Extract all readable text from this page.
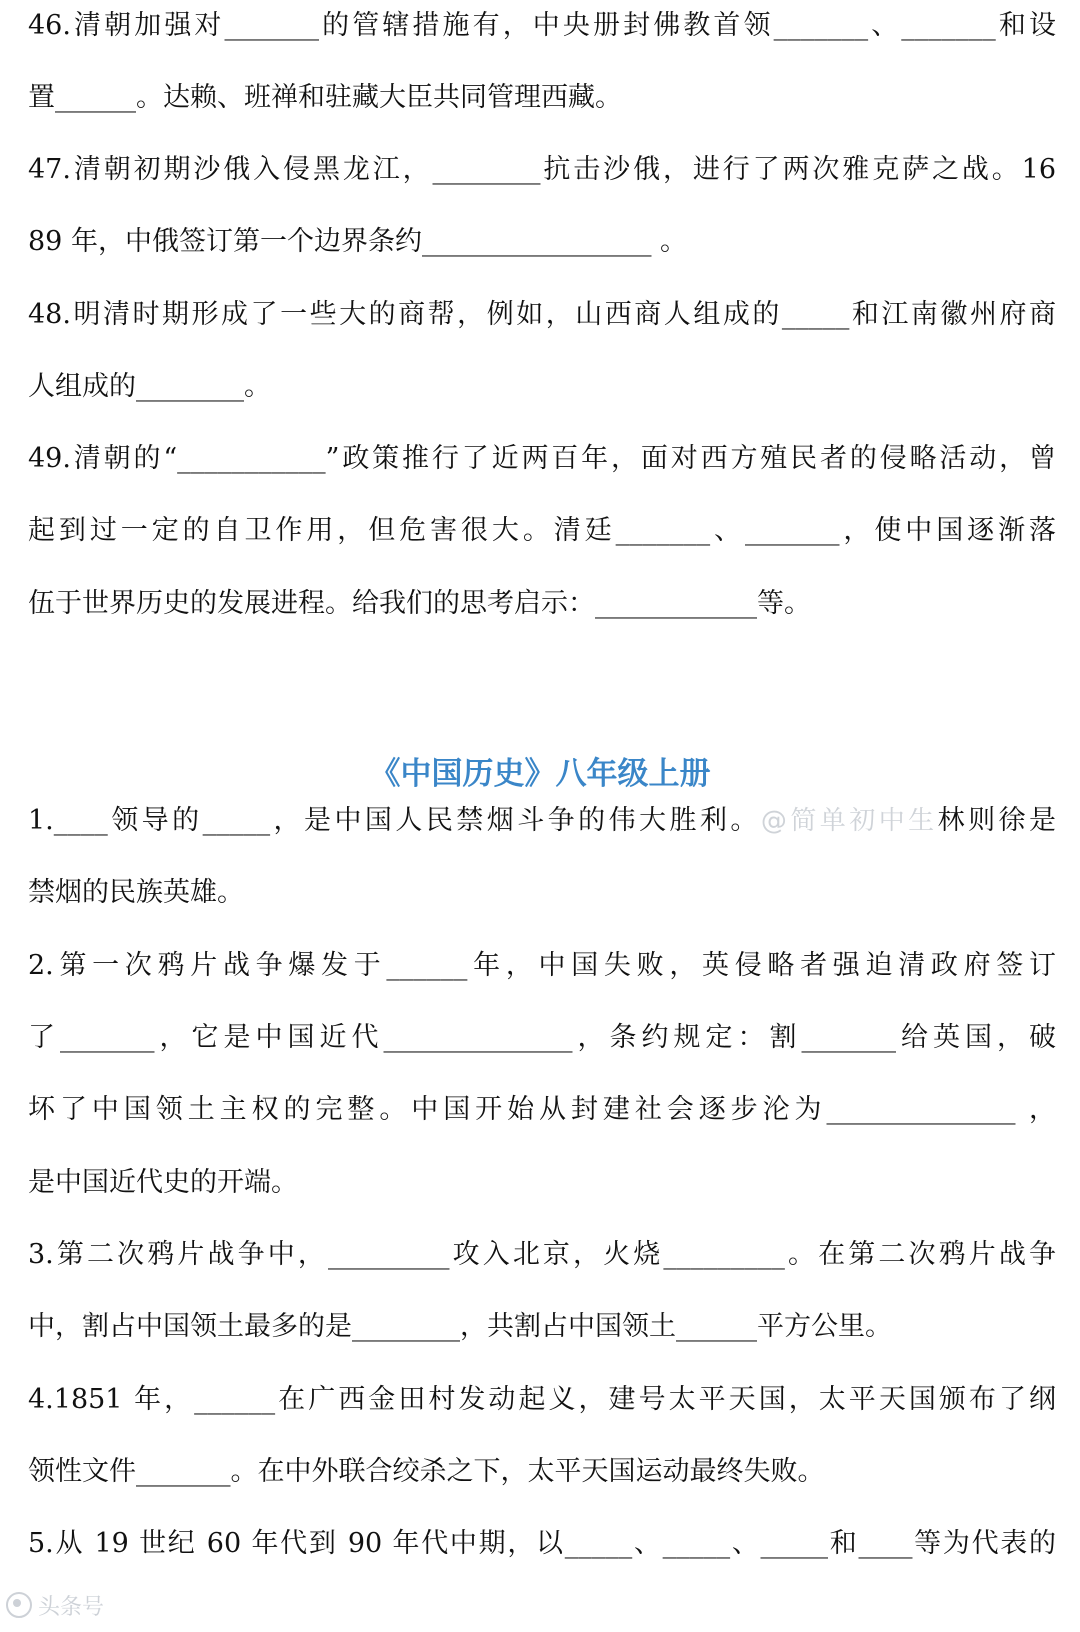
46.清朝加强对_______的管辖措施有，中央册封佛教首领_______、_______和设
置______。达赖、班禅和驻藏大臣共同管理西藏。
47.清朝初期沙俄入侵黑龙江，________抗击沙俄，进行了两次雅克萨之战。16
89 年，中俄签订第一个边界条约_________________ 。
48.明清时期形成了一些大的商帮，例如，山西商人组成的_____和江南徽州府商
人组成的________。
49.清朝的“___________”政策推行了近两百年，面对西方殖民者的侵略活动，曾
起到过一定的自卫作用，但危害很大。清廷_______、_______，使中国逐渐落
伍于世界历史的发展进程。给我们的思考启示：____________等。
《中国历史》八年级上册
1.____领导的_____，是中国人民禁烟斗争的伟大胜利。@简单初中生林则徐是
禁烟的民族英雄。
2.第一次鸦片战争爆发于______年，中国失败，英侵略者强迫清政府签订
了_______，它是中国近代______________，条约规定：割_______给英国，破
坏了中国领土主权的完整。中国开始从封建社会逐步沦为______________ ，
是中国近代史的开端。
3.第二次鸦片战争中，_________攻入北京，火烧_________。在第二次鸦片战争
中，割占中国领土最多的是________，共割占中国领土______平方公里。
4.1851 年，______在广西金田村发动起义，建号太平天国，太平天国颁布了纲
领性文件_______。在中外联合绞杀之下，太平天国运动最终失败。
5.从 19 世纪 60 年代到 90 年代中期，以_____、_____、_____和____等为代表的
头条号
